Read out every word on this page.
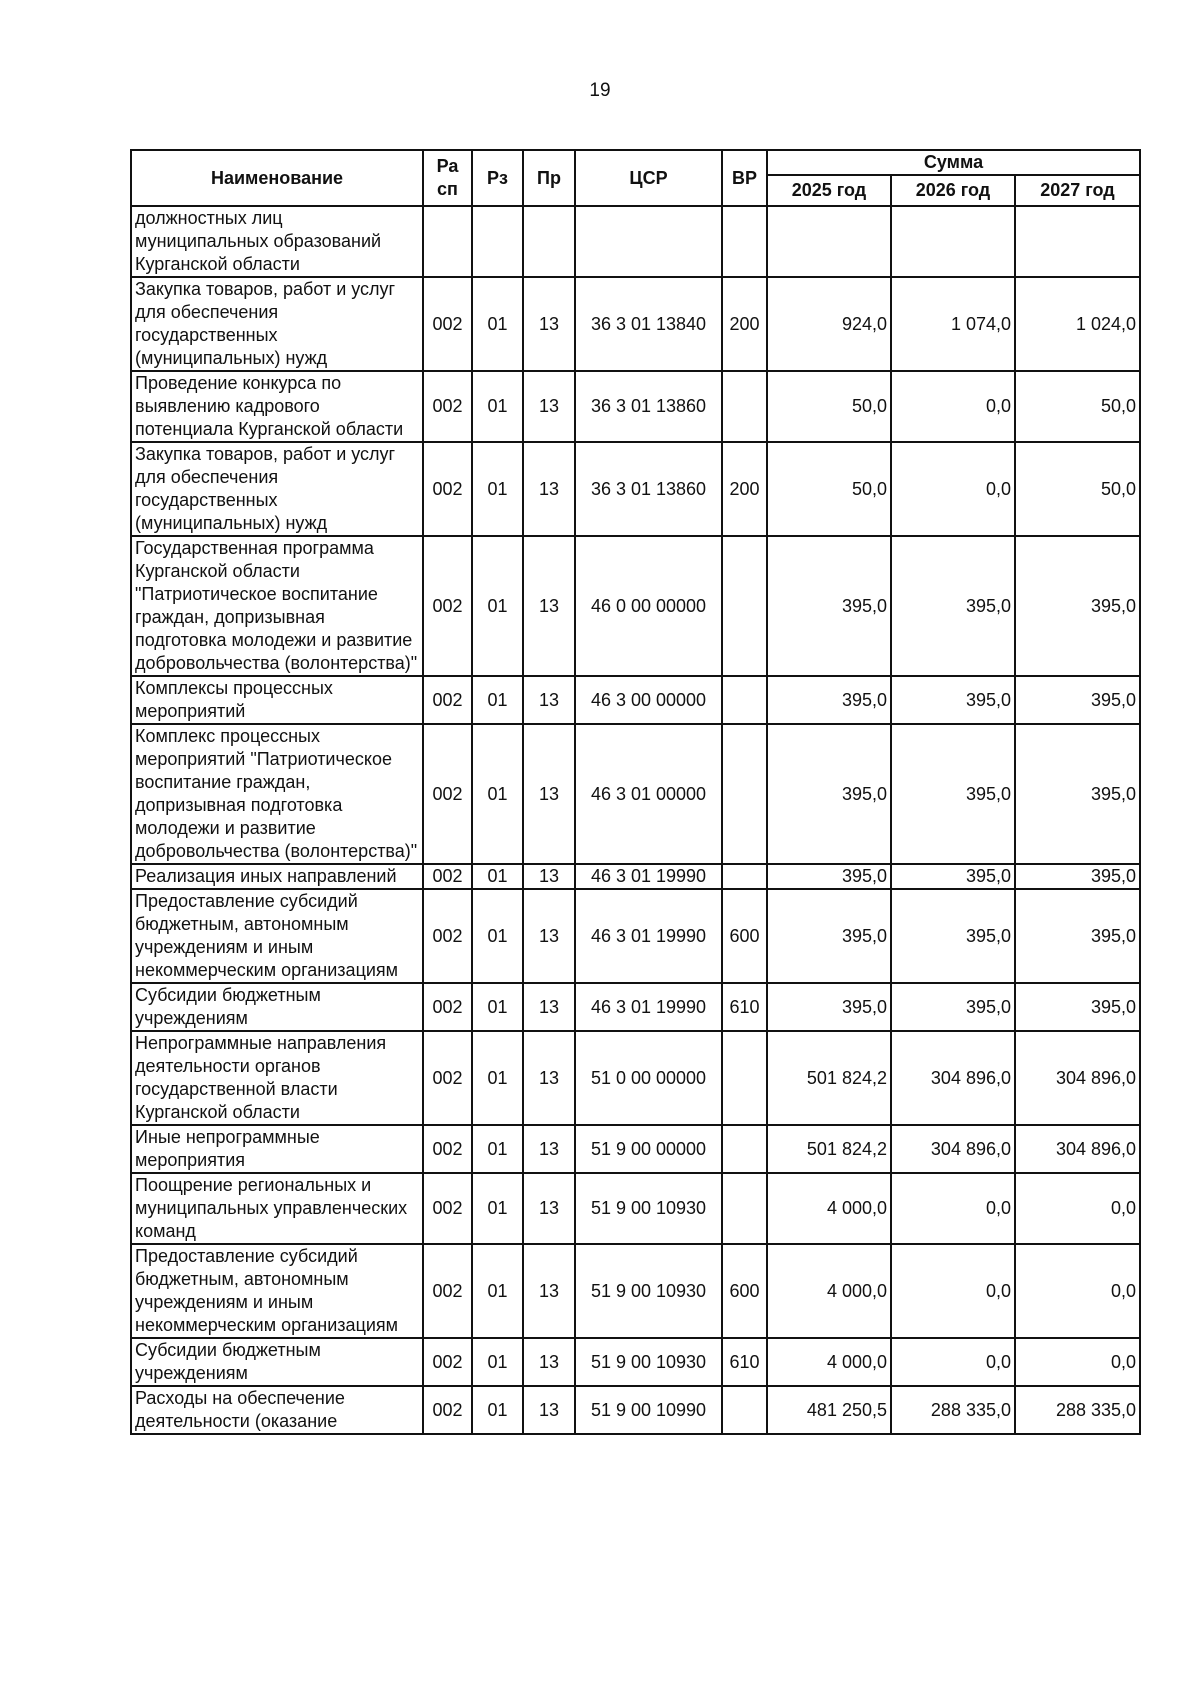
19
Наименование	Ра сп	Рз	Пр	ЦСР	ВР	Сумма		
						2025 год	2026 год	2027 год
должностных лиц муниципальных образований Курганской области								
Закупка товаров, работ и услуг для обеспечения государственных (муниципальных) нужд	002	01	13	36 3 01 13840	200	924,0	1 074,0	1 024,0
Проведение конкурса по выявлению кадрового потенциала Курганской области	002	01	13	36 3 01 13860		50,0	0,0	50,0
Закупка товаров, работ и услуг для обеспечения государственных (муниципальных) нужд	002	01	13	36 3 01 13860	200	50,0	0,0	50,0
Государственная программа Курганской области "Патриотическое воспитание граждан, допризывная подготовка молодежи и развитие добровольчества (волонтерства)"	002	01	13	46 0 00 00000		395,0	395,0	395,0
Комплексы процессных мероприятий	002	01	13	46 3 00 00000		395,0	395,0	395,0
Комплекс процессных мероприятий "Патриотическое воспитание граждан, допризывная подготовка молодежи и развитие добровольчества (волонтерства)"	002	01	13	46 3 01 00000		395,0	395,0	395,0
Реализация иных направлений	002	01	13	46 3 01 19990		395,0	395,0	395,0
Предоставление субсидий бюджетным, автономным учреждениям и иным некоммерческим организациям	002	01	13	46 3 01 19990	600	395,0	395,0	395,0
Субсидии бюджетным учреждениям	002	01	13	46 3 01 19990	610	395,0	395,0	395,0
Непрограммные направления деятельности органов государственной власти Курганской области	002	01	13	51 0 00 00000		501 824,2	304 896,0	304 896,0
Иные непрограммные мероприятия	002	01	13	51 9 00 00000		501 824,2	304 896,0	304 896,0
Поощрение региональных и муниципальных управленческих команд	002	01	13	51 9 00 10930		4 000,0	0,0	0,0
Предоставление субсидий бюджетным, автономным учреждениям и иным некоммерческим организациям	002	01	13	51 9 00 10930	600	4 000,0	0,0	0,0
Субсидии бюджетным учреждениям	002	01	13	51 9 00 10930	610	4 000,0	0,0	0,0
Расходы на обеспечение деятельности (оказание	002	01	13	51 9 00 10990		481 250,5	288 335,0	288 335,0
